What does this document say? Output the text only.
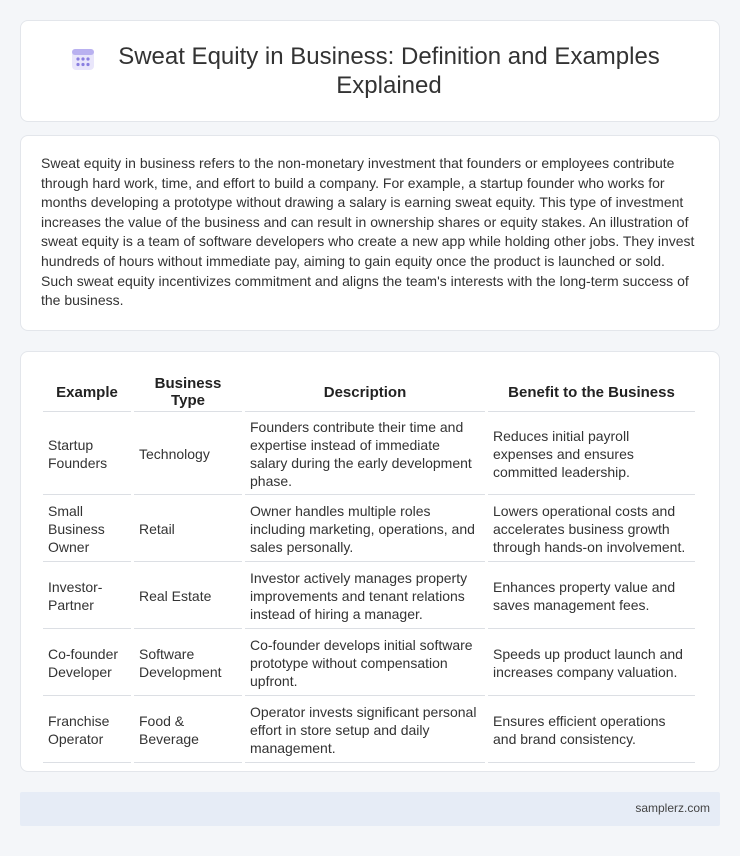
Sweat Equity in Business: Definition and Examples Explained

Sweat equity in business refers to the non-monetary investment that founders or employees contribute through hard work, time, and effort to build a company. For example, a startup founder who works for months developing a prototype without drawing a salary is earning sweat equity. This type of investment increases the value of the business and can result in ownership shares or equity stakes. An illustration of sweat equity is a team of software developers who create a new app while holding other jobs. They invest hundreds of hours without immediate pay, aiming to gain equity once the product is launched or sold. Such sweat equity incentivizes commitment and aligns the team's interests with the long-term success of the business.

Example	Business Type	Description	Benefit to the Business
Startup Founders	Technology	Founders contribute their time and expertise instead of immediate salary during the early development phase.	Reduces initial payroll expenses and ensures committed leadership.
Small Business Owner	Retail	Owner handles multiple roles including marketing, operations, and sales personally.	Lowers operational costs and accelerates business growth through hands-on involvement.
Investor-Partner	Real Estate	Investor actively manages property improvements and tenant relations instead of hiring a manager.	Enhances property value and saves management fees.
Co-founder Developer	Software Development	Co-founder develops initial software prototype without compensation upfront.	Speeds up product launch and increases company valuation.
Franchise Operator	Food & Beverage	Operator invests significant personal effort in store setup and daily management.	Ensures efficient operations and brand consistency.
samplerz.com
